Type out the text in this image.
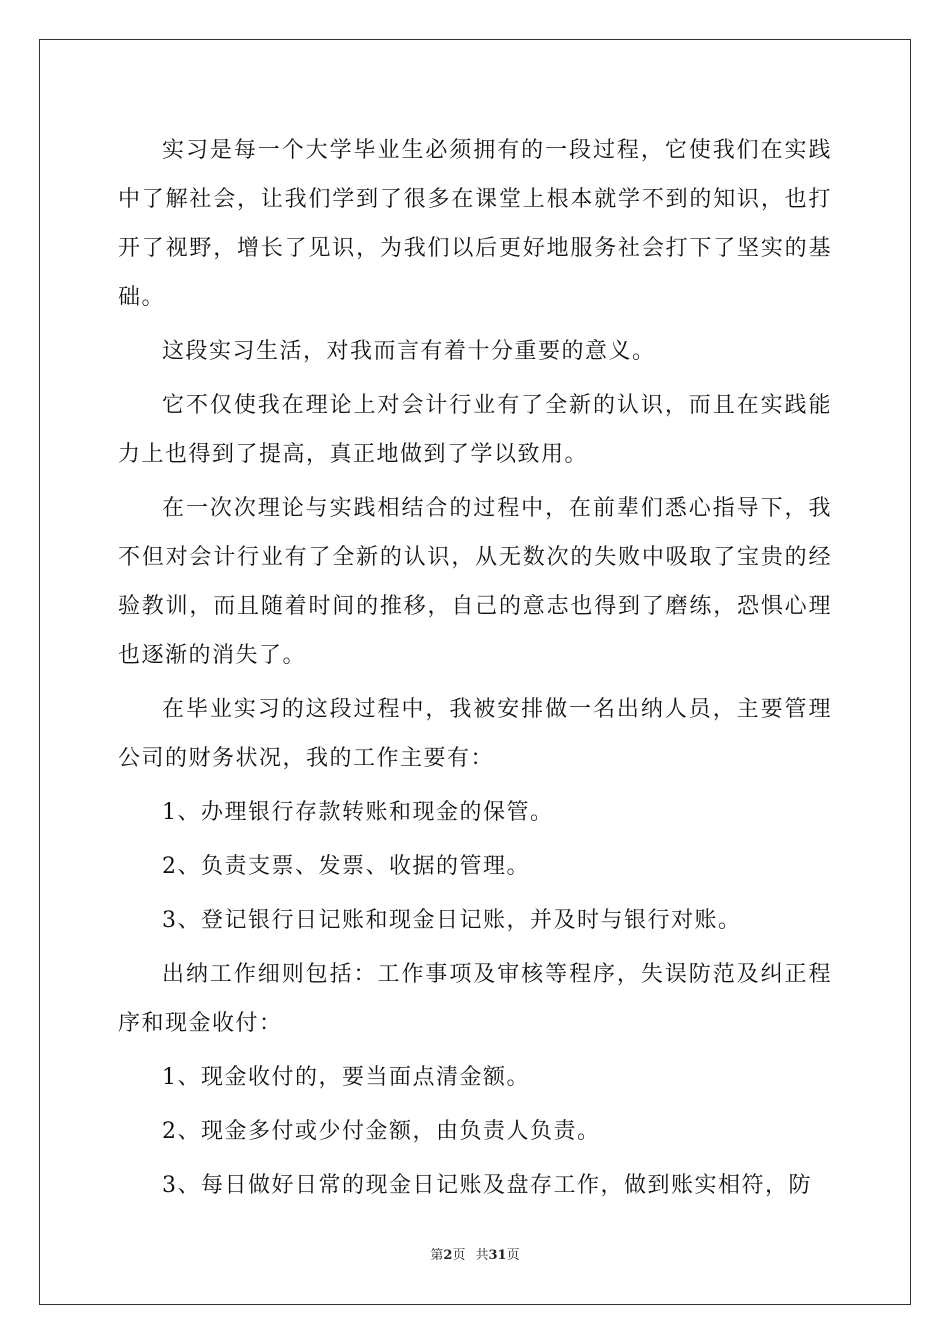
实习是每一个大学毕业生必须拥有的一段过程，它使我们在实践中了解社会，让我们学到了很多在课堂上根本就学不到的知识，也打开了视野，增长了见识，为我们以后更好地服务社会打下了坚实的基础。

这段实习生活，对我而言有着十分重要的意义。

它不仅使我在理论上对会计行业有了全新的认识，而且在实践能力上也得到了提高，真正地做到了学以致用。

在一次次理论与实践相结合的过程中，在前辈们悉心指导下，我不但对会计行业有了全新的认识，从无数次的失败中吸取了宝贵的经验教训，而且随着时间的推移，自己的意志也得到了磨练，恐惧心理也逐渐的消失了。

在毕业实习的这段过程中，我被安排做一名出纳人员，主要管理公司的财务状况，我的工作主要有：

1、办理银行存款转账和现金的保管。

2、负责支票、发票、收据的管理。

3、登记银行日记账和现金日记账，并及时与银行对账。

出纳工作细则包括：工作事项及审核等程序，失误防范及纠正程序和现金收付：

1、现金收付的，要当面点清金额。

2、现金多付或少付金额，由负责人负责。

3、每日做好日常的现金日记账及盘存工作，做到账实相符，防

第2页 共31页
